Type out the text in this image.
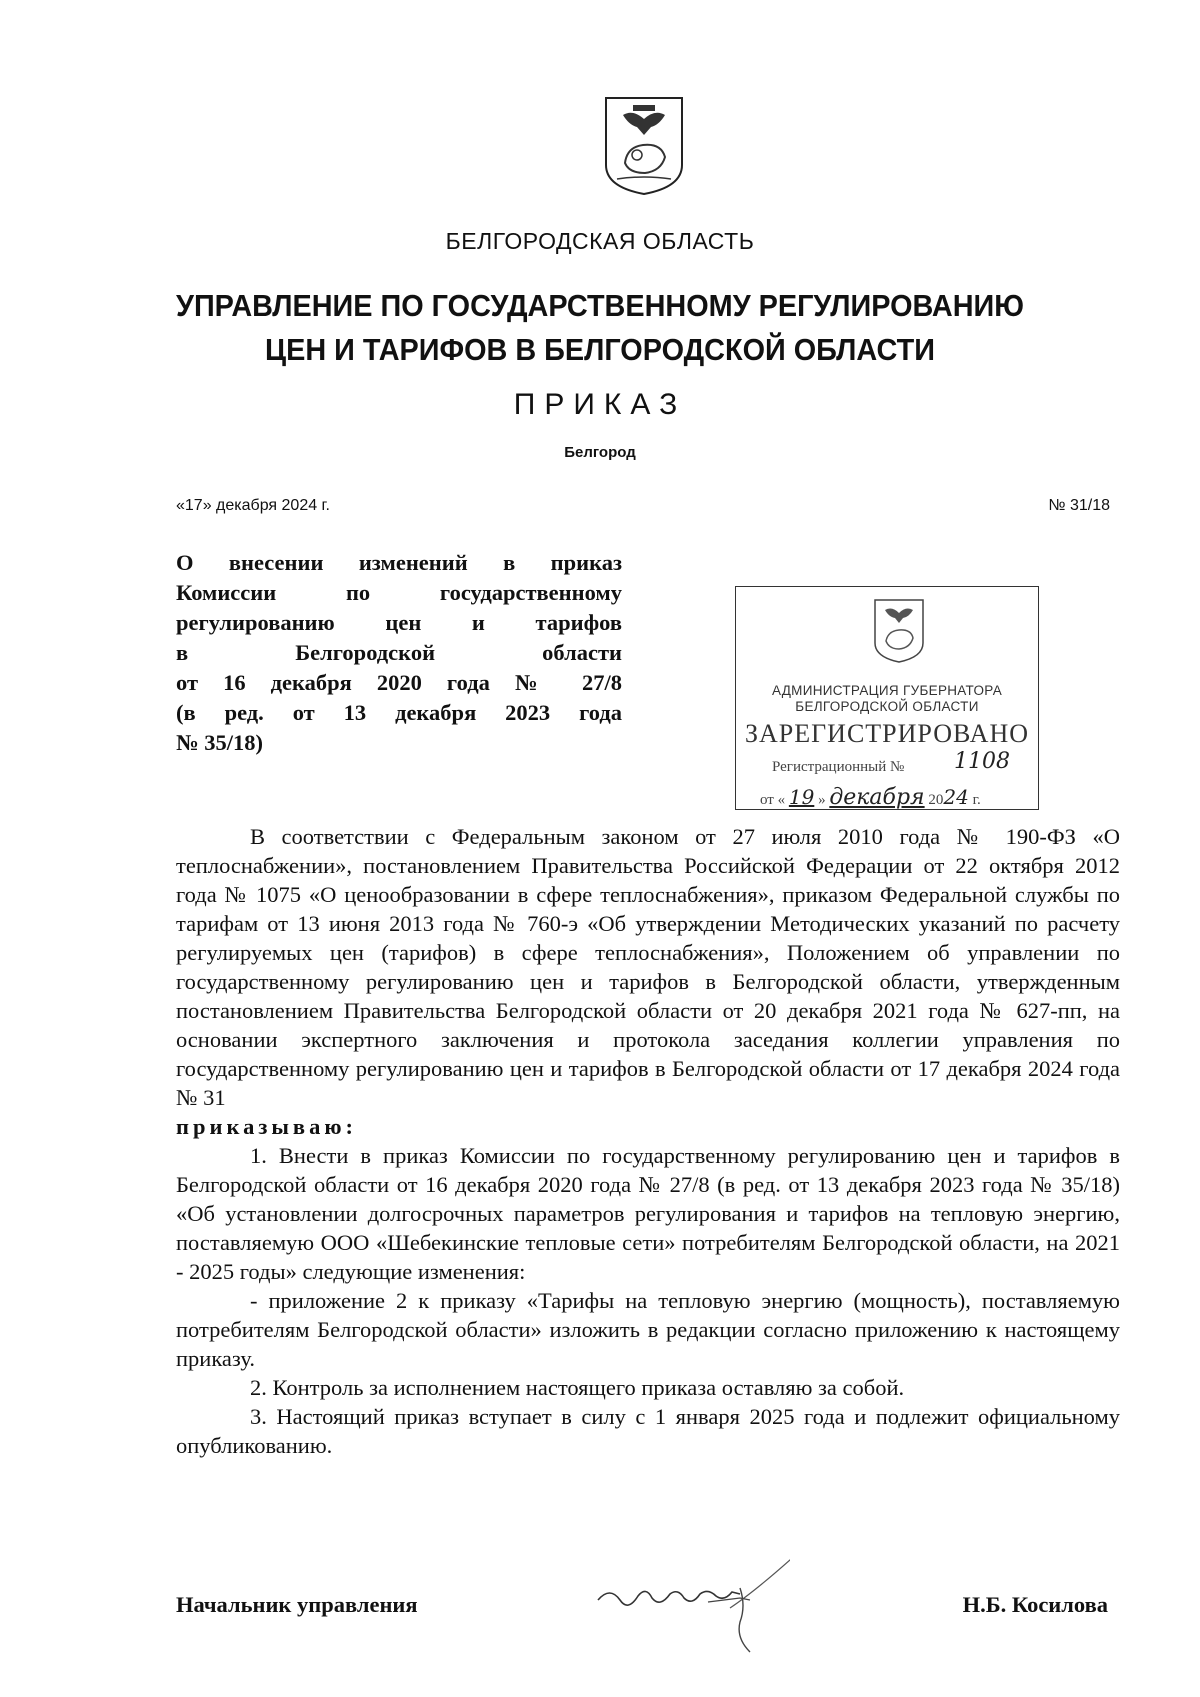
БЕЛГОРОДСКАЯ ОБЛАСТЬ
УПРАВЛЕНИЕ ПО ГОСУДАРСТВЕННОМУ РЕГУЛИРОВАНИЮ
ЦЕН И ТАРИФОВ В БЕЛГОРОДСКОЙ ОБЛАСТИ
ПРИКАЗ
Белгород
«17» декабря 2024 г.	№ 31/18
О внесении изменений в приказ
Комиссии по государственному
регулированию цен и тарифов
в Белгородской области
от 16 декабря 2020 года № 27/8
(в ред. от 13 декабря 2023 года
№ 35/18)
АДМИНИСТРАЦИЯ ГУБЕРНАТОРА
БЕЛГОРОДСКОЙ ОБЛАСТИ
ЗАРЕГИСТРИРОВАНО
Регистрационный № 1108
от « 19 » декабря 2024 г.

В соответствии с Федеральным законом от 27 июля 2010 года № 190-ФЗ «О теплоснабжении», постановлением Правительства Российской Федерации от 22 октября 2012 года № 1075 «О ценообразовании в сфере теплоснабжения», приказом Федеральной службы по тарифам от 13 июня 2013 года № 760-э «Об утверждении Методических указаний по расчету регулируемых цен (тарифов) в сфере теплоснабжения», Положением об управлении по государственному регулированию цен и тарифов в Белгородской области, утвержденным постановлением Правительства Белгородской области от 20 декабря 2021 года № 627-пп, на основании экспертного заключения и протокола заседания коллегии управления по государственному регулированию цен и тарифов в Белгородской области от 17 декабря 2024 года № 31

приказываю:

1. Внести в приказ Комиссии по государственному регулированию цен и тарифов в Белгородской области от 16 декабря 2020 года № 27/8 (в ред. от 13 декабря 2023 года № 35/18) «Об установлении долгосрочных параметров регулирования и тарифов на тепловую энергию, поставляемую ООО «Шебекинские тепловые сети» потребителям Белгородской области, на 2021 - 2025 годы» следующие изменения:

- приложение 2 к приказу «Тарифы на тепловую энергию (мощность), поставляемую потребителям Белгородской области» изложить в редакции согласно приложению к настоящему приказу.

2. Контроль за исполнением настоящего приказа оставляю за собой.

3. Настоящий приказ вступает в силу с 1 января 2025 года и подлежит официальному опубликованию.

Начальник управления	Н.Б. Косилова
